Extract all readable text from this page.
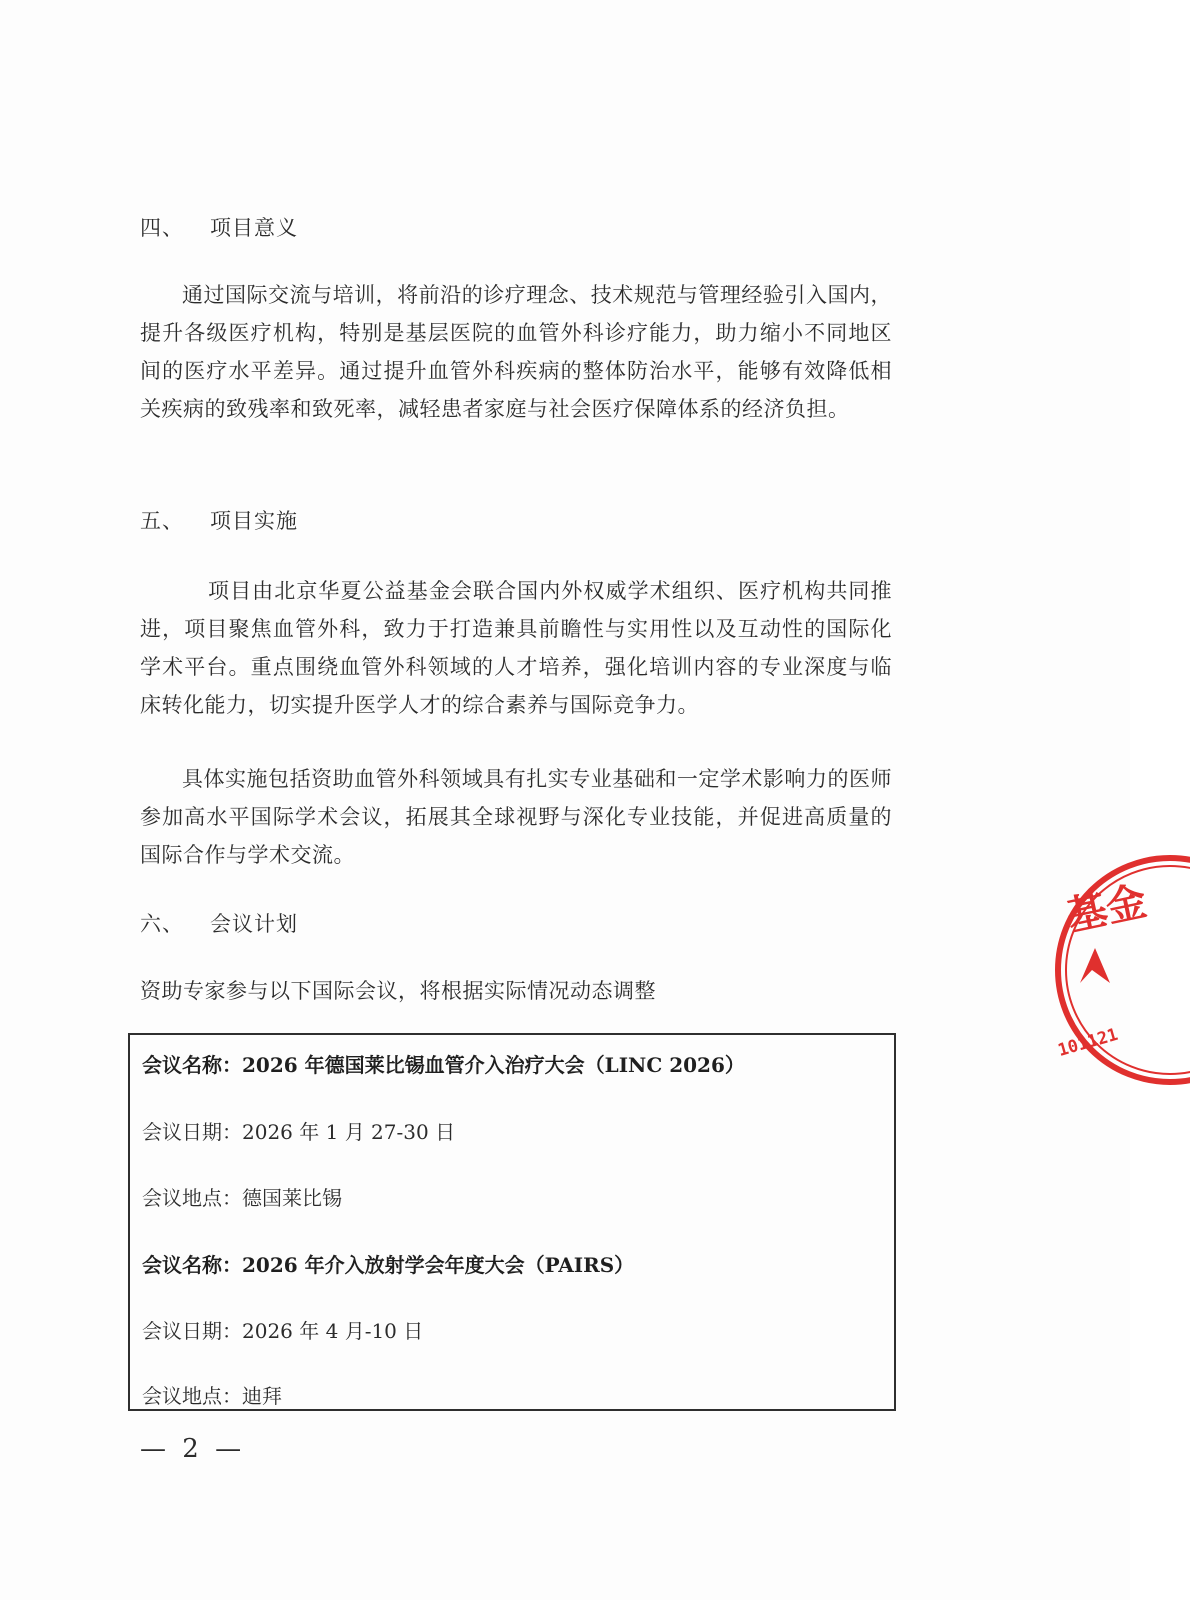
四、 项目意义
通过国际交流与培训，将前沿的诊疗理念、技术规范与管理经验引入国内，提升各级医疗机构，特别是基层医院的血管外科诊疗能力，助力缩小不同地区间的医疗水平差异。通过提升血管外科疾病的整体防治水平，能够有效降低相关疾病的致残率和致死率，减轻患者家庭与社会医疗保障体系的经济负担。
五、 项目实施
项目由北京华夏公益基金会联合国内外权威学术组织、医疗机构共同推进，项目聚焦血管外科，致力于打造兼具前瞻性与实用性以及互动性的国际化学术平台。重点围绕血管外科领域的人才培养，强化培训内容的专业深度与临床转化能力，切实提升医学人才的综合素养与国际竞争力。
具体实施包括资助血管外科领域具有扎实专业基础和一定学术影响力的医师参加高水平国际学术会议，拓展其全球视野与深化专业技能，并促进高质量的国际合作与学术交流。
六、 会议计划
资助专家参与以下国际会议，将根据实际情况动态调整
会议名称：2026 年德国莱比锡血管介入治疗大会（LINC 2026）
会议日期：2026 年 1 月 27-30 日
会议地点：德国莱比锡
会议名称：2026 年介入放射学会年度大会（PAIRS）
会议日期：2026 年 4 月-10 日
会议地点：迪拜
— 2 —
基金
101121
